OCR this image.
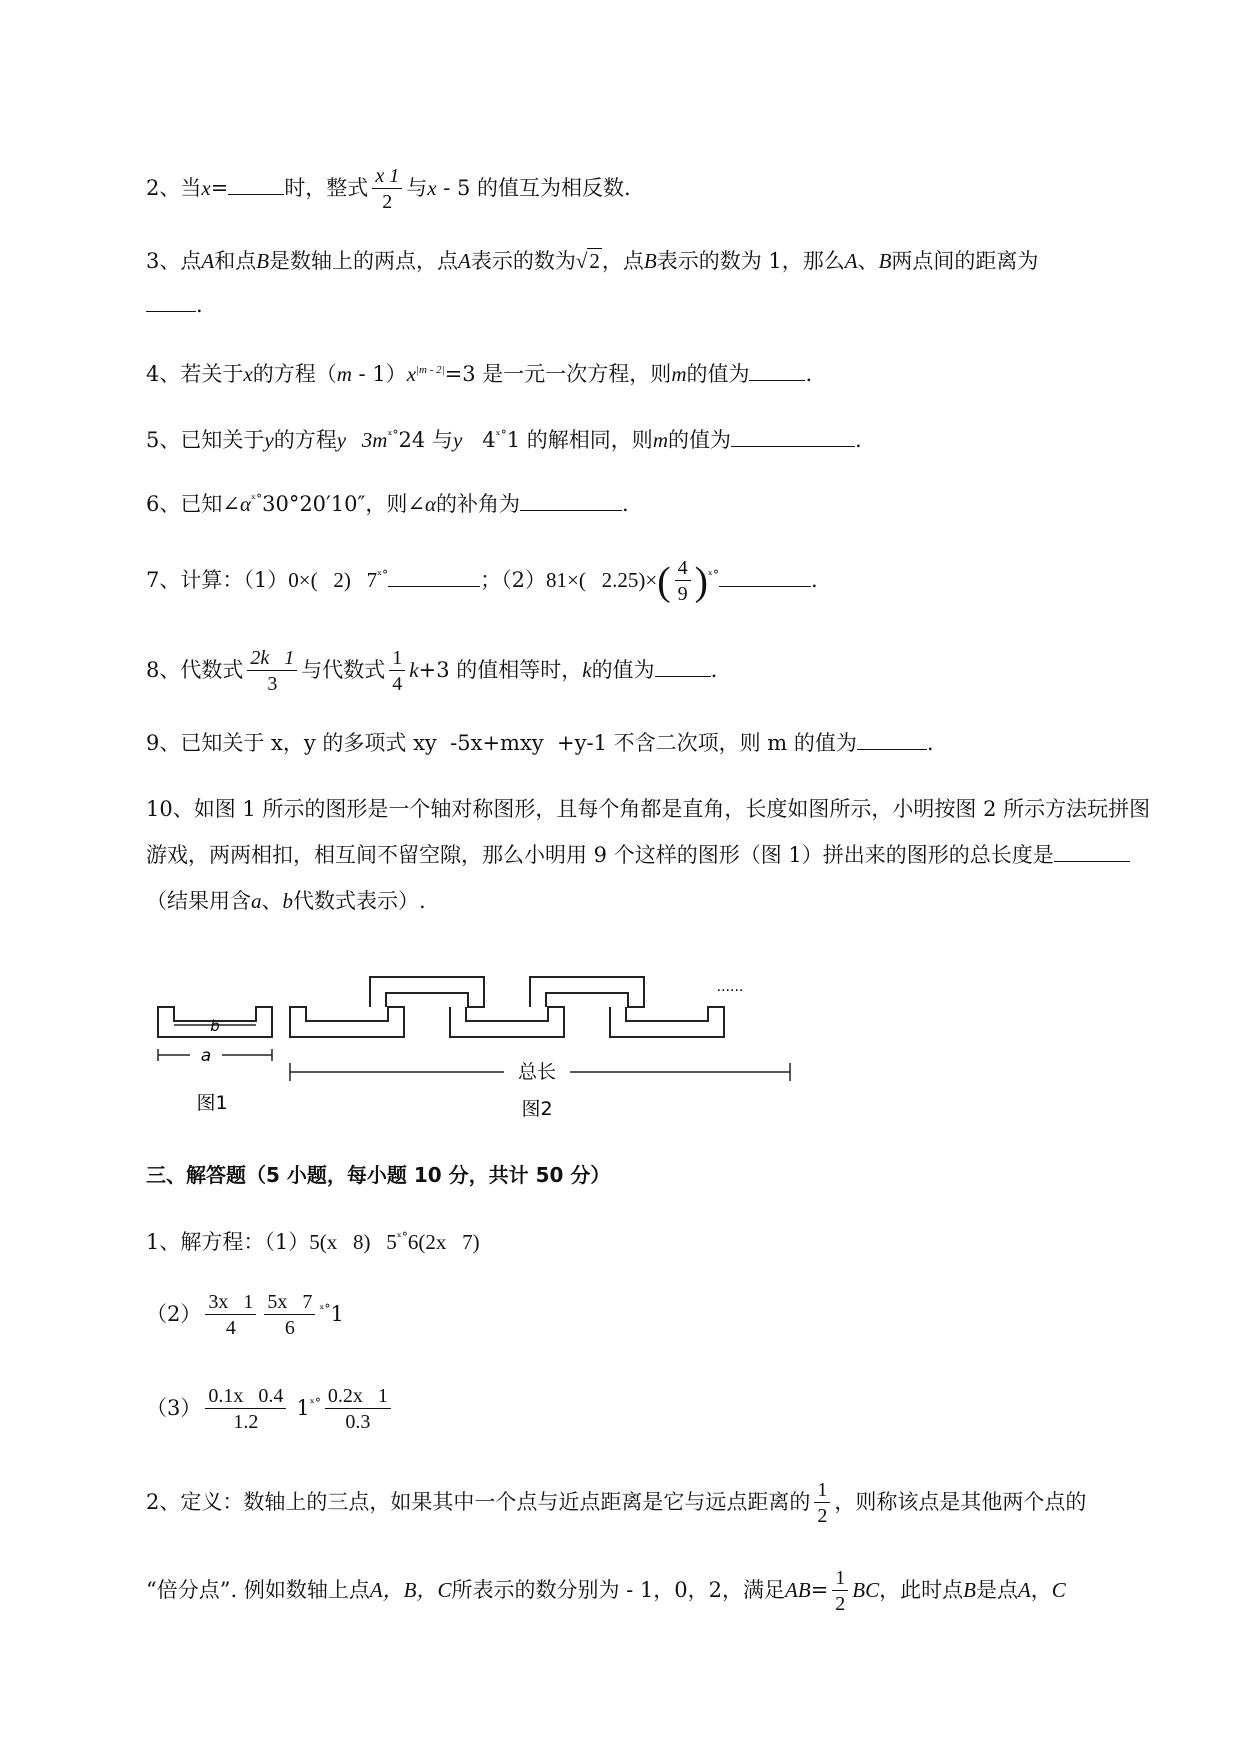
2、当x=	时，整式 $\frac{x 1}{2}$ 与x - 5 的值互为相反数.
3、点A和点B是数轴上的两点，点A表示的数为√2，点B表示的数为 1，那么A、B两点间的距离为
.
4、若关于x的方程$(m - 1)x^{|m - 2|}=3$ 是一元一次方程，则m的值为	.
5、已知关于y的方程y   $3m^{ˣ^\circ}24$ 与y   $4^{ˣ^\circ}1$ 的解相同，则m的值为	.
6、已知$\angle\alpha^{ˣ^\circ}30^\circ 20'10''$，则∠α的补角为	.
7、计算：（1）0×(   2)   $7^{ˣ^\circ}$	；（2）81×(   $2.25)\times( \frac{4}{9} )^{ˣ^\circ}$	.
8、代数式 $\frac{2k 1}{3}$ 与代数式 $\frac{1}{4} k+3$ 的值相等时，k的值为	.
9、已知关于 x，y 的多项式 xy  -5x+mxy  +y-1 不含二次项，则 m 的值为	.
10、如图 1 所示的图形是一个轴对称图形，且每个角都是直角，长度如图所示，小明按图 2 所示方法玩拼图游戏，两两相扣，相互间不留空隙，那么小明用 9 个这样的图形（图 1）拼出来的图形的总长度是（结果用含a、b代数式表示）.
b
a
图1
总长
图2
......
三、解答题（5 小题，每小题 10 分，共计 50 分）
1、解方程：（1）5(x   8)   $5^{ˣ^\circ}6(2x$   7)
$(2) \frac{3x 1}{4} \frac{5x 7}{6} ^{ˣ^\circ}1$
$(3) \frac{0.1x 0.4}{1.2} 1^{ˣ^\circ} \frac{0.2x 1}{0.3}$
2、定义：数轴上的三点，如果其中一个点与近点距离是它与远点距离的 $\frac{1}{2}$ ，则称该点是其他两个点的
“倍分点”. 例如数轴上点A，B，C所表示的数分别为 - 1，0，2，满足$AB= \frac{1}{2}$ BC，此时点B是点A，C
